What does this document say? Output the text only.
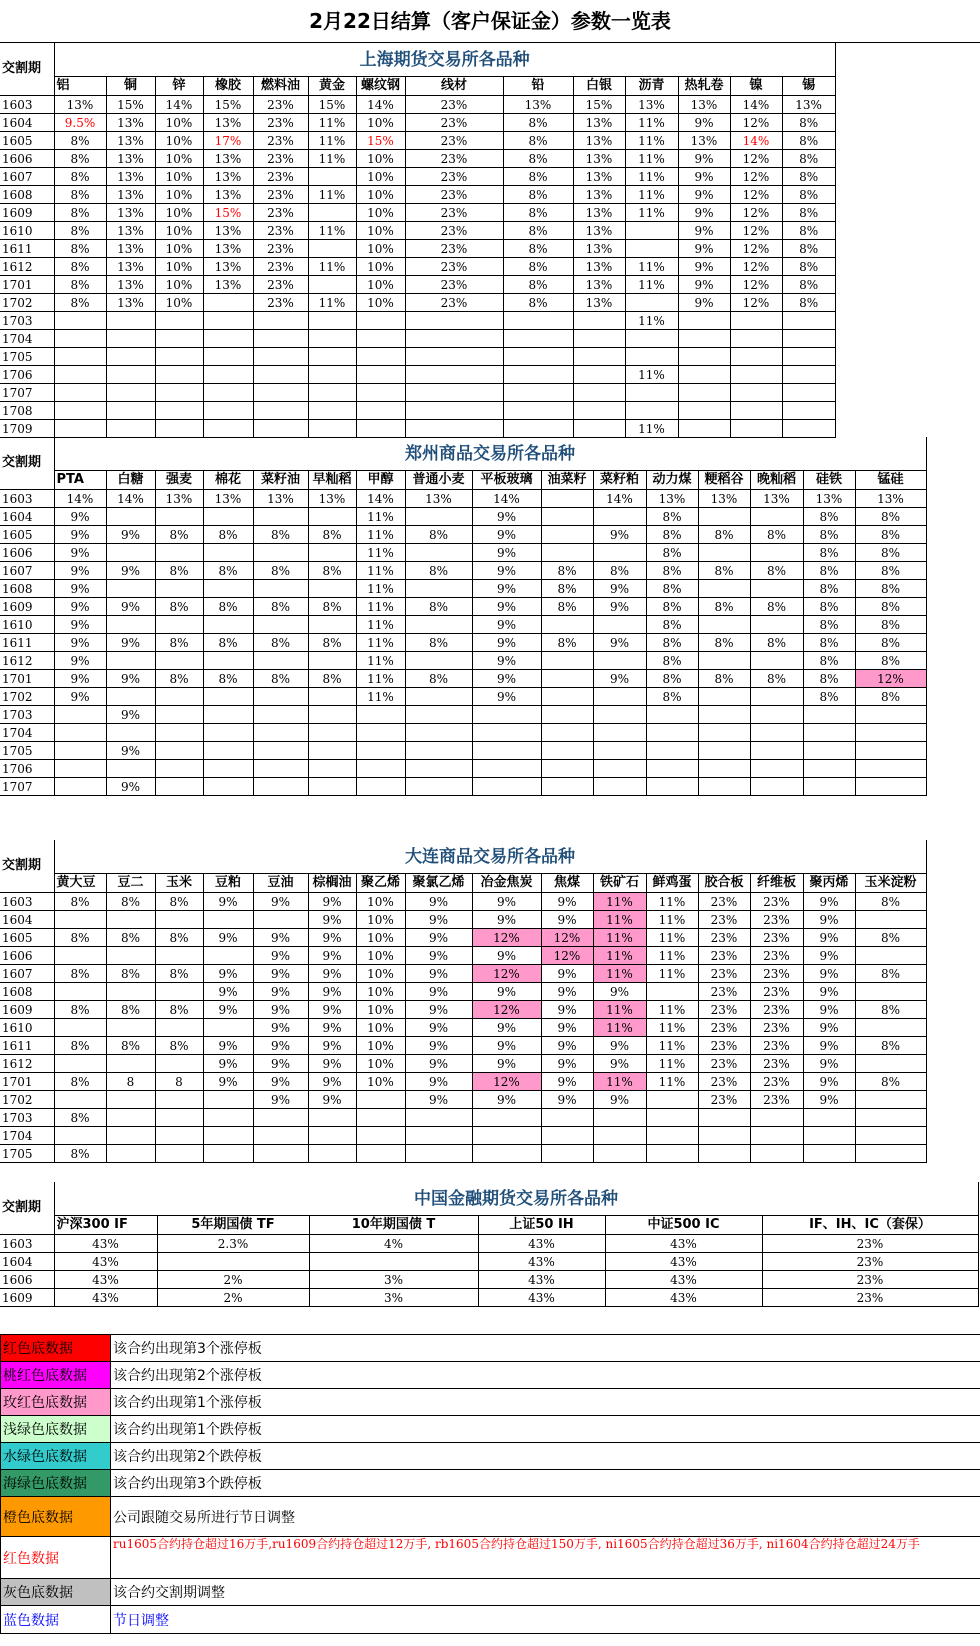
2月22日结算（客户保证金）参数一览表
交割期	上海期货交易所各品种													
	铝	铜	锌	橡胶	燃料油	黄金	螺纹钢	线材	铅	白银	沥青	热轧卷	镍	锡
1603	13%	15%	14%	15%	23%	15%	14%	23%	13%	15%	13%	13%	14%	13%
1604	9.5%	13%	10%	13%	23%	11%	10%	23%	8%	13%	11%	9%	12%	8%
1605	8%	13%	10%	17%	23%	11%	15%	23%	8%	13%	11%	13%	14%	8%
1606	8%	13%	10%	13%	23%	11%	10%	23%	8%	13%	11%	9%	12%	8%
1607	8%	13%	10%	13%	23%		10%	23%	8%	13%	11%	9%	12%	8%
1608	8%	13%	10%	13%	23%	11%	10%	23%	8%	13%	11%	9%	12%	8%
1609	8%	13%	10%	15%	23%		10%	23%	8%	13%	11%	9%	12%	8%
1610	8%	13%	10%	13%	23%	11%	10%	23%	8%	13%		9%	12%	8%
1611	8%	13%	10%	13%	23%		10%	23%	8%	13%		9%	12%	8%
1612	8%	13%	10%	13%	23%	11%	10%	23%	8%	13%	11%	9%	12%	8%
1701	8%	13%	10%	13%	23%		10%	23%	8%	13%	11%	9%	12%	8%
1702	8%	13%	10%		23%	11%	10%	23%	8%	13%		9%	12%	8%
1703											11%			
1704														
1705														
1706											11%			
1707														
1708														
1709											11%			
交割期	郑州商品交易所各品种															
	PTA	白糖	强麦	棉花	菜籽油	早籼稻	甲醇	普通小麦	平板玻璃	油菜籽	菜籽粕	动力煤	粳稻谷	晚籼稻	硅铁	锰硅
1603	14%	14%	13%	13%	13%	13%	14%	13%	14%		14%	13%	13%	13%	13%	13%
1604	9%						11%		9%			8%			8%	8%
1605	9%	9%	8%	8%	8%	8%	11%	8%	9%		9%	8%	8%	8%	8%	8%
1606	9%						11%		9%			8%			8%	8%
1607	9%	9%	8%	8%	8%	8%	11%	8%	9%	8%	8%	8%	8%	8%	8%	8%
1608	9%						11%		9%	8%	9%	8%			8%	8%
1609	9%	9%	8%	8%	8%	8%	11%	8%	9%	8%	9%	8%	8%	8%	8%	8%
1610	9%						11%		9%			8%			8%	8%
1611	9%	9%	8%	8%	8%	8%	11%	8%	9%	8%	9%	8%	8%	8%	8%	8%
1612	9%						11%		9%			8%			8%	8%
1701	9%	9%	8%	8%	8%	8%	11%	8%	9%		9%	8%	8%	8%	8%	12%
1702	9%						11%		9%			8%			8%	8%
1703		9%														
1704																
1705		9%														
1706																
1707		9%														
交割期	大连商品交易所各品种															
	黄大豆	豆二	玉米	豆粕	豆油	棕榈油	聚乙烯	聚氯乙烯	冶金焦炭	焦煤	铁矿石	鲜鸡蛋	胶合板	纤维板	聚丙烯	玉米淀粉
1603	8%	8%	8%	9%	9%	9%	10%	9%	9%	9%	11%	11%	23%	23%	9%	8%
1604						9%	10%	9%	9%	9%	11%	11%	23%	23%	9%	
1605	8%	8%	8%	9%	9%	9%	10%	9%	12%	12%	11%	11%	23%	23%	9%	8%
1606					9%	9%	10%	9%	9%	12%	11%	11%	23%	23%	9%	
1607	8%	8%	8%	9%	9%	9%	10%	9%	12%	9%	11%	11%	23%	23%	9%	8%
1608				9%	9%	9%	10%	9%	9%	9%	9%		23%	23%	9%	
1609	8%	8%	8%	9%	9%	9%	10%	9%	12%	9%	11%	11%	23%	23%	9%	8%
1610					9%	9%	10%	9%	9%	9%	11%	11%	23%	23%	9%	
1611	8%	8%	8%	9%	9%	9%	10%	9%	9%	9%	9%	11%	23%	23%	9%	8%
1612				9%	9%	9%	10%	9%	9%	9%	9%	11%	23%	23%	9%	
1701	8%	8	8	9%	9%	9%	10%	9%	12%	9%	11%	11%	23%	23%	9%	8%
1702					9%	9%		9%	9%	9%	9%		23%	23%	9%	
1703	8%															
1704																
1705	8%															
交割期	中国金融期货交易所各品种					
	沪深300 IF	5年期国债 TF	10年期国债 T	上证50 IH	中证500 IC	IF、IH、IC（套保）
1603	43%	2.3%	4%	43%	43%	23%
1604	43%			43%	43%	23%
1606	43%	2%	3%	43%	43%	23%
1609	43%	2%	3%	43%	43%	23%
红色底数据	该合约出现第3个涨停板
桃红色底数据	该合约出现第2个涨停板
玫红色底数据	该合约出现第1个涨停板
浅绿色底数据	该合约出现第1个跌停板
水绿色底数据	该合约出现第2个跌停板
海绿色底数据	该合约出现第3个跌停板
橙色底数据	公司跟随交易所进行节日调整
红色数据	ru1605合约持仓超过16万手,ru1609合约持仓超过12万手, rb1605合约持仓超过150万手, ni1605合约持仓超过36万手, ni1604合约持仓超过24万手
灰色底数据	该合约交割期调整
蓝色数据	节日调整
